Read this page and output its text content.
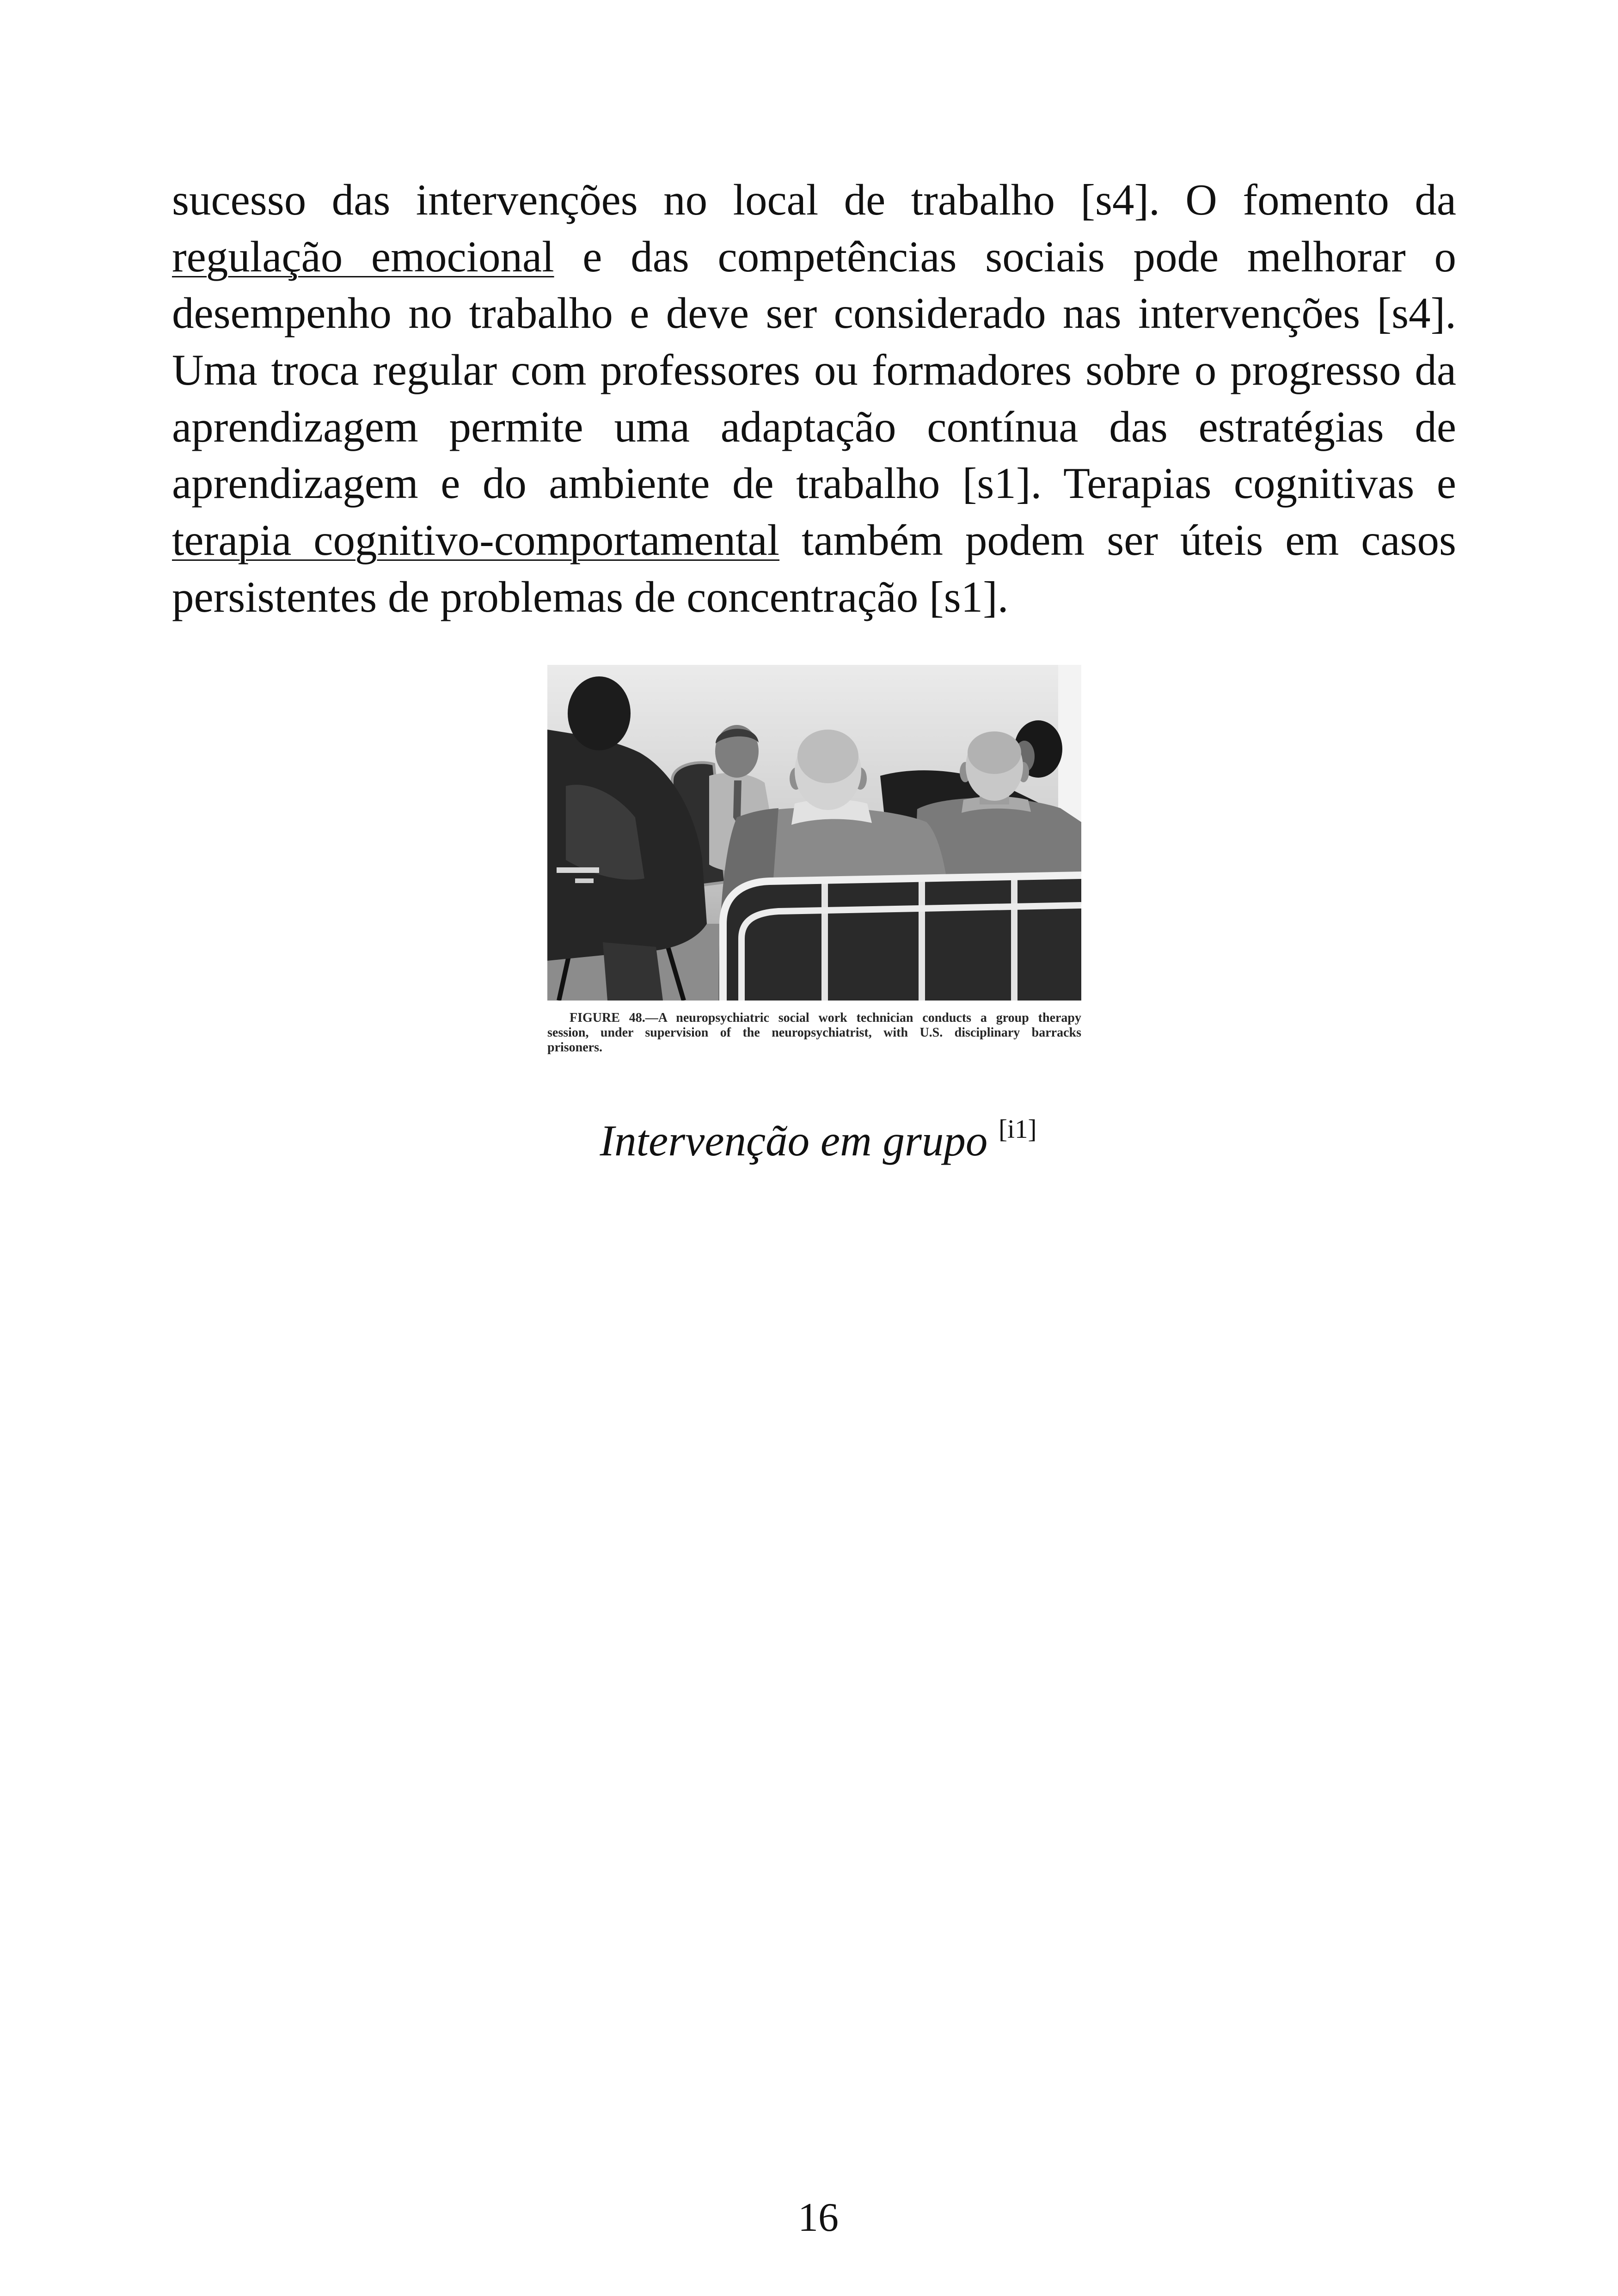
sucesso das intervenções no local de trabalho [s4]. O fomento da
regulação emocional e das competências sociais pode melhorar o
desempenho no trabalho e deve ser considerado nas intervenções [s4].
Uma troca regular com professores ou formadores sobre o progresso da
aprendizagem permite uma adaptação contínua das estratégias de
aprendizagem e do ambiente de trabalho [s1]. Terapias cognitivas e
terapia cognitivo-comportamental também podem ser úteis em casos
persistentes de problemas de concentração [s1].
FIGURE 48.—A neuropsychiatric social work technician conducts a group therapy
session, under supervision of the neuropsychiatrist, with U.S. disciplinary barracks
prisoners.
Intervenção em grupo [i1]
16
